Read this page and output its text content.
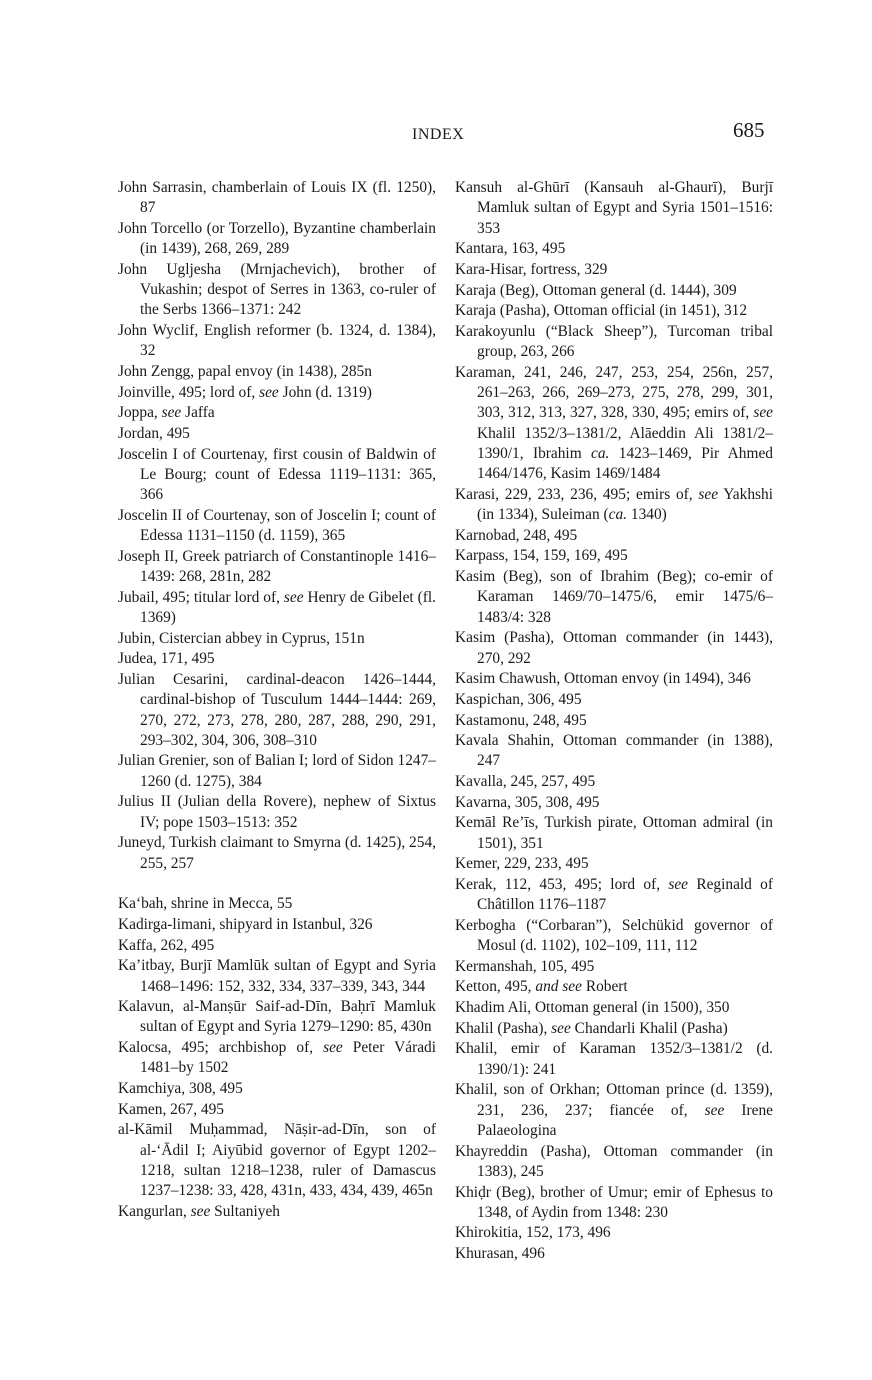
INDEX	685
John Sarrasin, chamberlain of Louis IX (fl. 1250), 87
John Torcello (or Torzello), Byzantine chamberlain (in 1439), 268, 269, 289
John Ugljesha (Mrnjachevich), brother of Vukashin; despot of Serres in 1363, co-ruler of the Serbs 1366–1371: 242
John Wyclif, English reformer (b. 1324, d. 1384), 32
John Zengg, papal envoy (in 1438), 285n
Joinville, 495; lord of, see John (d. 1319)
Joppa, see Jaffa
Jordan, 495
Joscelin I of Courtenay, first cousin of Baldwin of Le Bourg; count of Edessa 1119–1131: 365, 366
Joscelin II of Courtenay, son of Joscelin I; count of Edessa 1131–1150 (d. 1159), 365
Joseph II, Greek patriarch of Constantinople 1416–1439: 268, 281n, 282
Jubail, 495; titular lord of, see Henry de Gibelet (fl. 1369)
Jubin, Cistercian abbey in Cyprus, 151n
Judea, 171, 495
Julian Cesarini, cardinal-deacon 1426–1444, cardinal-bishop of Tusculum 1444–1444: 269, 270, 272, 273, 278, 280, 287, 288, 290, 291, 293–302, 304, 306, 308–310
Julian Grenier, son of Balian I; lord of Sidon 1247–1260 (d. 1275), 384
Julius II (Julian della Rovere), nephew of Sixtus IV; pope 1503–1513: 352
Juneyd, Turkish claimant to Smyrna (d. 1425), 254, 255, 257
Ka‘bah, shrine in Mecca, 55
Kadirga-limani, shipyard in Istanbul, 326
Kaffa, 262, 495
Ka’itbay, Burjī Mamlūk sultan of Egypt and Syria 1468–1496: 152, 332, 334, 337–339, 343, 344
Kalavun, al-Manṣūr Saif-ad-Dīn, Baḥrī Mamluk sultan of Egypt and Syria 1279–1290: 85, 430n
Kalocsa, 495; archbishop of, see Peter Váradi 1481–by 1502
Kamchiya, 308, 495
Kamen, 267, 495
al-Kāmil Muḥammad, Nāṣir-ad-Dīn, son of al-‘Ādil I; Aiyūbid governor of Egypt 1202–1218, sultan 1218–1238, ruler of Damascus 1237–1238: 33, 428, 431n, 433, 434, 439, 465n
Kangurlan, see Sultaniyeh
Kansuh al-Ghūrī (Kansauh al-Ghaurī), Burjī Mamluk sultan of Egypt and Syria 1501–1516: 353
Kantara, 163, 495
Kara-Hisar, fortress, 329
Karaja (Beg), Ottoman general (d. 1444), 309
Karaja (Pasha), Ottoman official (in 1451), 312
Karakoyunlu (“Black Sheep”), Turcoman tribal group, 263, 266
Karaman, 241, 246, 247, 253, 254, 256n, 257, 261–263, 266, 269–273, 275, 278, 299, 301, 303, 312, 313, 327, 328, 330, 495; emirs of, see Khalil 1352/3–1381/2, Alāeddin Ali 1381/2–1390/1, Ibrahim ca. 1423–1469, Pir Ahmed 1464/1476, Kasim 1469/1484
Karasi, 229, 233, 236, 495; emirs of, see Yakhshi (in 1334), Suleiman (ca. 1340)
Karnobad, 248, 495
Karpass, 154, 159, 169, 495
Kasim (Beg), son of Ibrahim (Beg); co-emir of Karaman 1469/70–1475/6, emir 1475/6–1483/4: 328
Kasim (Pasha), Ottoman commander (in 1443), 270, 292
Kasim Chawush, Ottoman envoy (in 1494), 346
Kaspichan, 306, 495
Kastamonu, 248, 495
Kavala Shahin, Ottoman commander (in 1388), 247
Kavalla, 245, 257, 495
Kavarna, 305, 308, 495
Kemāl Re’īs, Turkish pirate, Ottoman admiral (in 1501), 351
Kemer, 229, 233, 495
Kerak, 112, 453, 495; lord of, see Reginald of Châtillon 1176–1187
Kerbogha (“Corbaran”), Selchükid governor of Mosul (d. 1102), 102–109, 111, 112
Kermanshah, 105, 495
Ketton, 495, and see Robert
Khadim Ali, Ottoman general (in 1500), 350
Khalil (Pasha), see Chandarli Khalil (Pasha)
Khalil, emir of Karaman 1352/3–1381/2 (d. 1390/1): 241
Khalil, son of Orkhan; Ottoman prince (d. 1359), 231, 236, 237; fiancée of, see Irene Palaeologina
Khayreddin (Pasha), Ottoman commander (in 1383), 245
Khiḍr (Beg), brother of Umur; emir of Ephesus to 1348, of Aydin from 1348: 230
Khirokitia, 152, 173, 496
Khurasan, 496
